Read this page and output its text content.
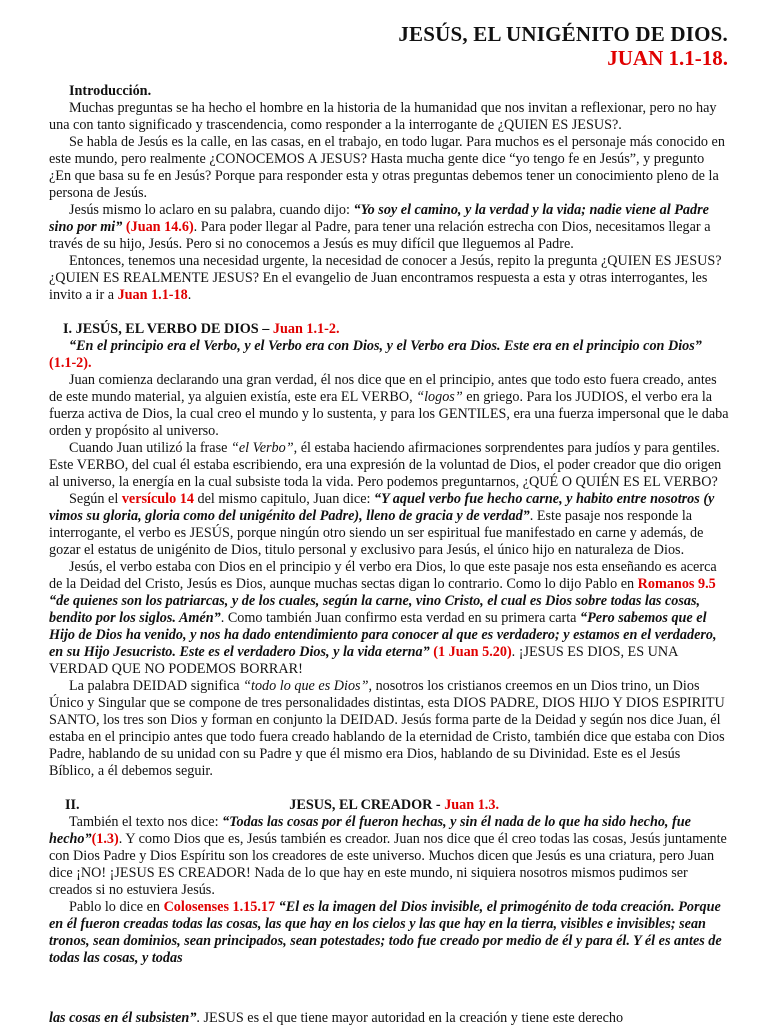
JESÚS, EL UNIGÉNITO DE DIOS.
JUAN 1.1-18.

Introducción.

Muchas preguntas se ha hecho el hombre en la historia de la humanidad que nos invitan a reflexionar, pero no hay una con tanto significado y trascendencia, como responder a la interrogante de ¿QUIEN ES JESUS?.

Se habla de Jesús es la calle, en las casas, en el trabajo, en todo lugar. Para muchos es el personaje más conocido en este mundo, pero realmente ¿CONOCEMOS A JESUS? Hasta mucha gente dice “yo tengo fe en Jesús”, y pregunto ¿En que basa su fe en Jesús? Porque para responder esta y otras preguntas debemos tener un conocimiento pleno de la persona de Jesús.

Jesús mismo lo aclaro en su palabra, cuando dijo: “Yo soy el camino, y la verdad y la vida; nadie viene al Padre sino por mi” (Juan 14.6). Para poder llegar al Padre, para tener una relación estrecha con Dios, necesitamos llegar a través de su hijo, Jesús. Pero si no conocemos a Jesús es muy difícil que lleguemos al Padre.

Entonces, tenemos una necesidad urgente, la necesidad de conocer a Jesús, repito la pregunta ¿QUIEN ES JESUS? ¿QUIEN ES REALMENTE JESUS? En el evangelio de Juan encontramos respuesta a esta y otras interrogantes, les invito a ir a Juan 1.1-18.

I. JESÚS, EL VERBO DE DIOS – Juan 1.1-2.

“En el principio era el Verbo, y el Verbo era con Dios, y el Verbo era Dios. Este era en el principio con Dios” (1.1-2).

Juan comienza declarando una gran verdad, él nos dice que en el principio, antes que todo esto fuera creado, antes de este mundo material, ya alguien existía, este era EL VERBO, “logos” en griego. Para los JUDIOS, el verbo era la fuerza activa de Dios, la cual creo el mundo y lo sustenta, y para los GENTILES, era una fuerza impersonal que le daba orden y propósito al universo.

Cuando Juan utilizó la frase “el Verbo”, él estaba haciendo afirmaciones sorprendentes para judíos y para gentiles. Este VERBO, del cual él estaba escribiendo, era una expresión de la voluntad de Dios, el poder creador que dio origen al universo, la energía en la cual subsiste toda la vida. Pero podemos preguntarnos, ¿QUÉ O QUIÉN ES EL VERBO?

Según el versículo 14 del mismo capitulo, Juan dice: “Y aquel verbo fue hecho carne, y habito entre nosotros (y vimos su gloria, gloria como del unigénito del Padre), lleno de gracia y de verdad”. Este pasaje nos responde la interrogante, el verbo es JESÚS, porque ningún otro siendo un ser espiritual fue manifestado en carne y además, de gozar el estatus de unigénito de Dios, titulo personal y exclusivo para Jesús, el único hijo en naturaleza de Dios.

Jesús, el verbo estaba con Dios en el principio y él verbo era Dios, lo que este pasaje nos esta enseñando es acerca de la Deidad del Cristo, Jesús es Dios, aunque muchas sectas digan lo contrario. Como lo dijo Pablo en Romanos 9.5 “de quienes son los patriarcas, y de los cuales, según la carne, vino Cristo, el cual es Dios sobre todas las cosas, bendito por los siglos. Amén”. Como también Juan confirmo esta verdad en su primera carta “Pero sabemos que el Hijo de Dios ha venido, y nos ha dado entendimiento para conocer al que es verdadero; y estamos en el verdadero, en su Hijo Jesucristo. Este es el verdadero Dios, y la vida eterna” (1 Juan 5.20). ¡JESUS ES DIOS, ES UNA VERDAD QUE NO PODEMOS BORRAR!

La palabra DEIDAD significa “todo lo que es Dios”, nosotros los cristianos creemos en un Dios trino, un Dios Único y Singular que se compone de tres personalidades distintas, esta DIOS PADRE, DIOS HIJO Y DIOS ESPIRITU SANTO, los tres son Dios y forman en conjunto la DEIDAD. Jesús forma parte de la Deidad y según nos dice Juan, él estaba en el principio antes que todo fuera creado hablando de la eternidad de Cristo, también dice que estaba con Dios Padre, hablando de su unidad con su Padre y que él mismo era Dios, hablando de su Divinidad. Este es el Jesús Bíblico, a él debemos seguir.

II.	JESUS, EL CREADOR - Juan 1.3.

También el texto nos dice: “Todas las cosas por él fueron hechas, y sin él nada de lo que ha sido hecho, fue hecho”(1.3). Y como Dios que es, Jesús también es creador. Juan nos dice que él creo todas las cosas, Jesús juntamente con Dios Padre y Dios Espíritu son los creadores de este universo. Muchos dicen que Jesús es una criatura, pero Juan dice ¡NO! ¡JESUS ES CREADOR! Nada de lo que hay en este mundo, ni siquiera nosotros mismos pudimos ser creados si no estuviera Jesús.

Pablo lo dice en Colosenses 1.15.17 “El es la imagen del Dios invisible, el primogénito de toda creación. Porque en él fueron creadas todas las cosas, las que hay en los cielos y las que hay en la tierra, visibles e invisibles; sean tronos, sean dominios, sean principados, sean potestades; todo fue creado por medio de él y para él. Y él es antes de todas las cosas, y todas

las cosas en él subsisten”. JESUS es el que tiene mayor autoridad en la creación y tiene este derecho
